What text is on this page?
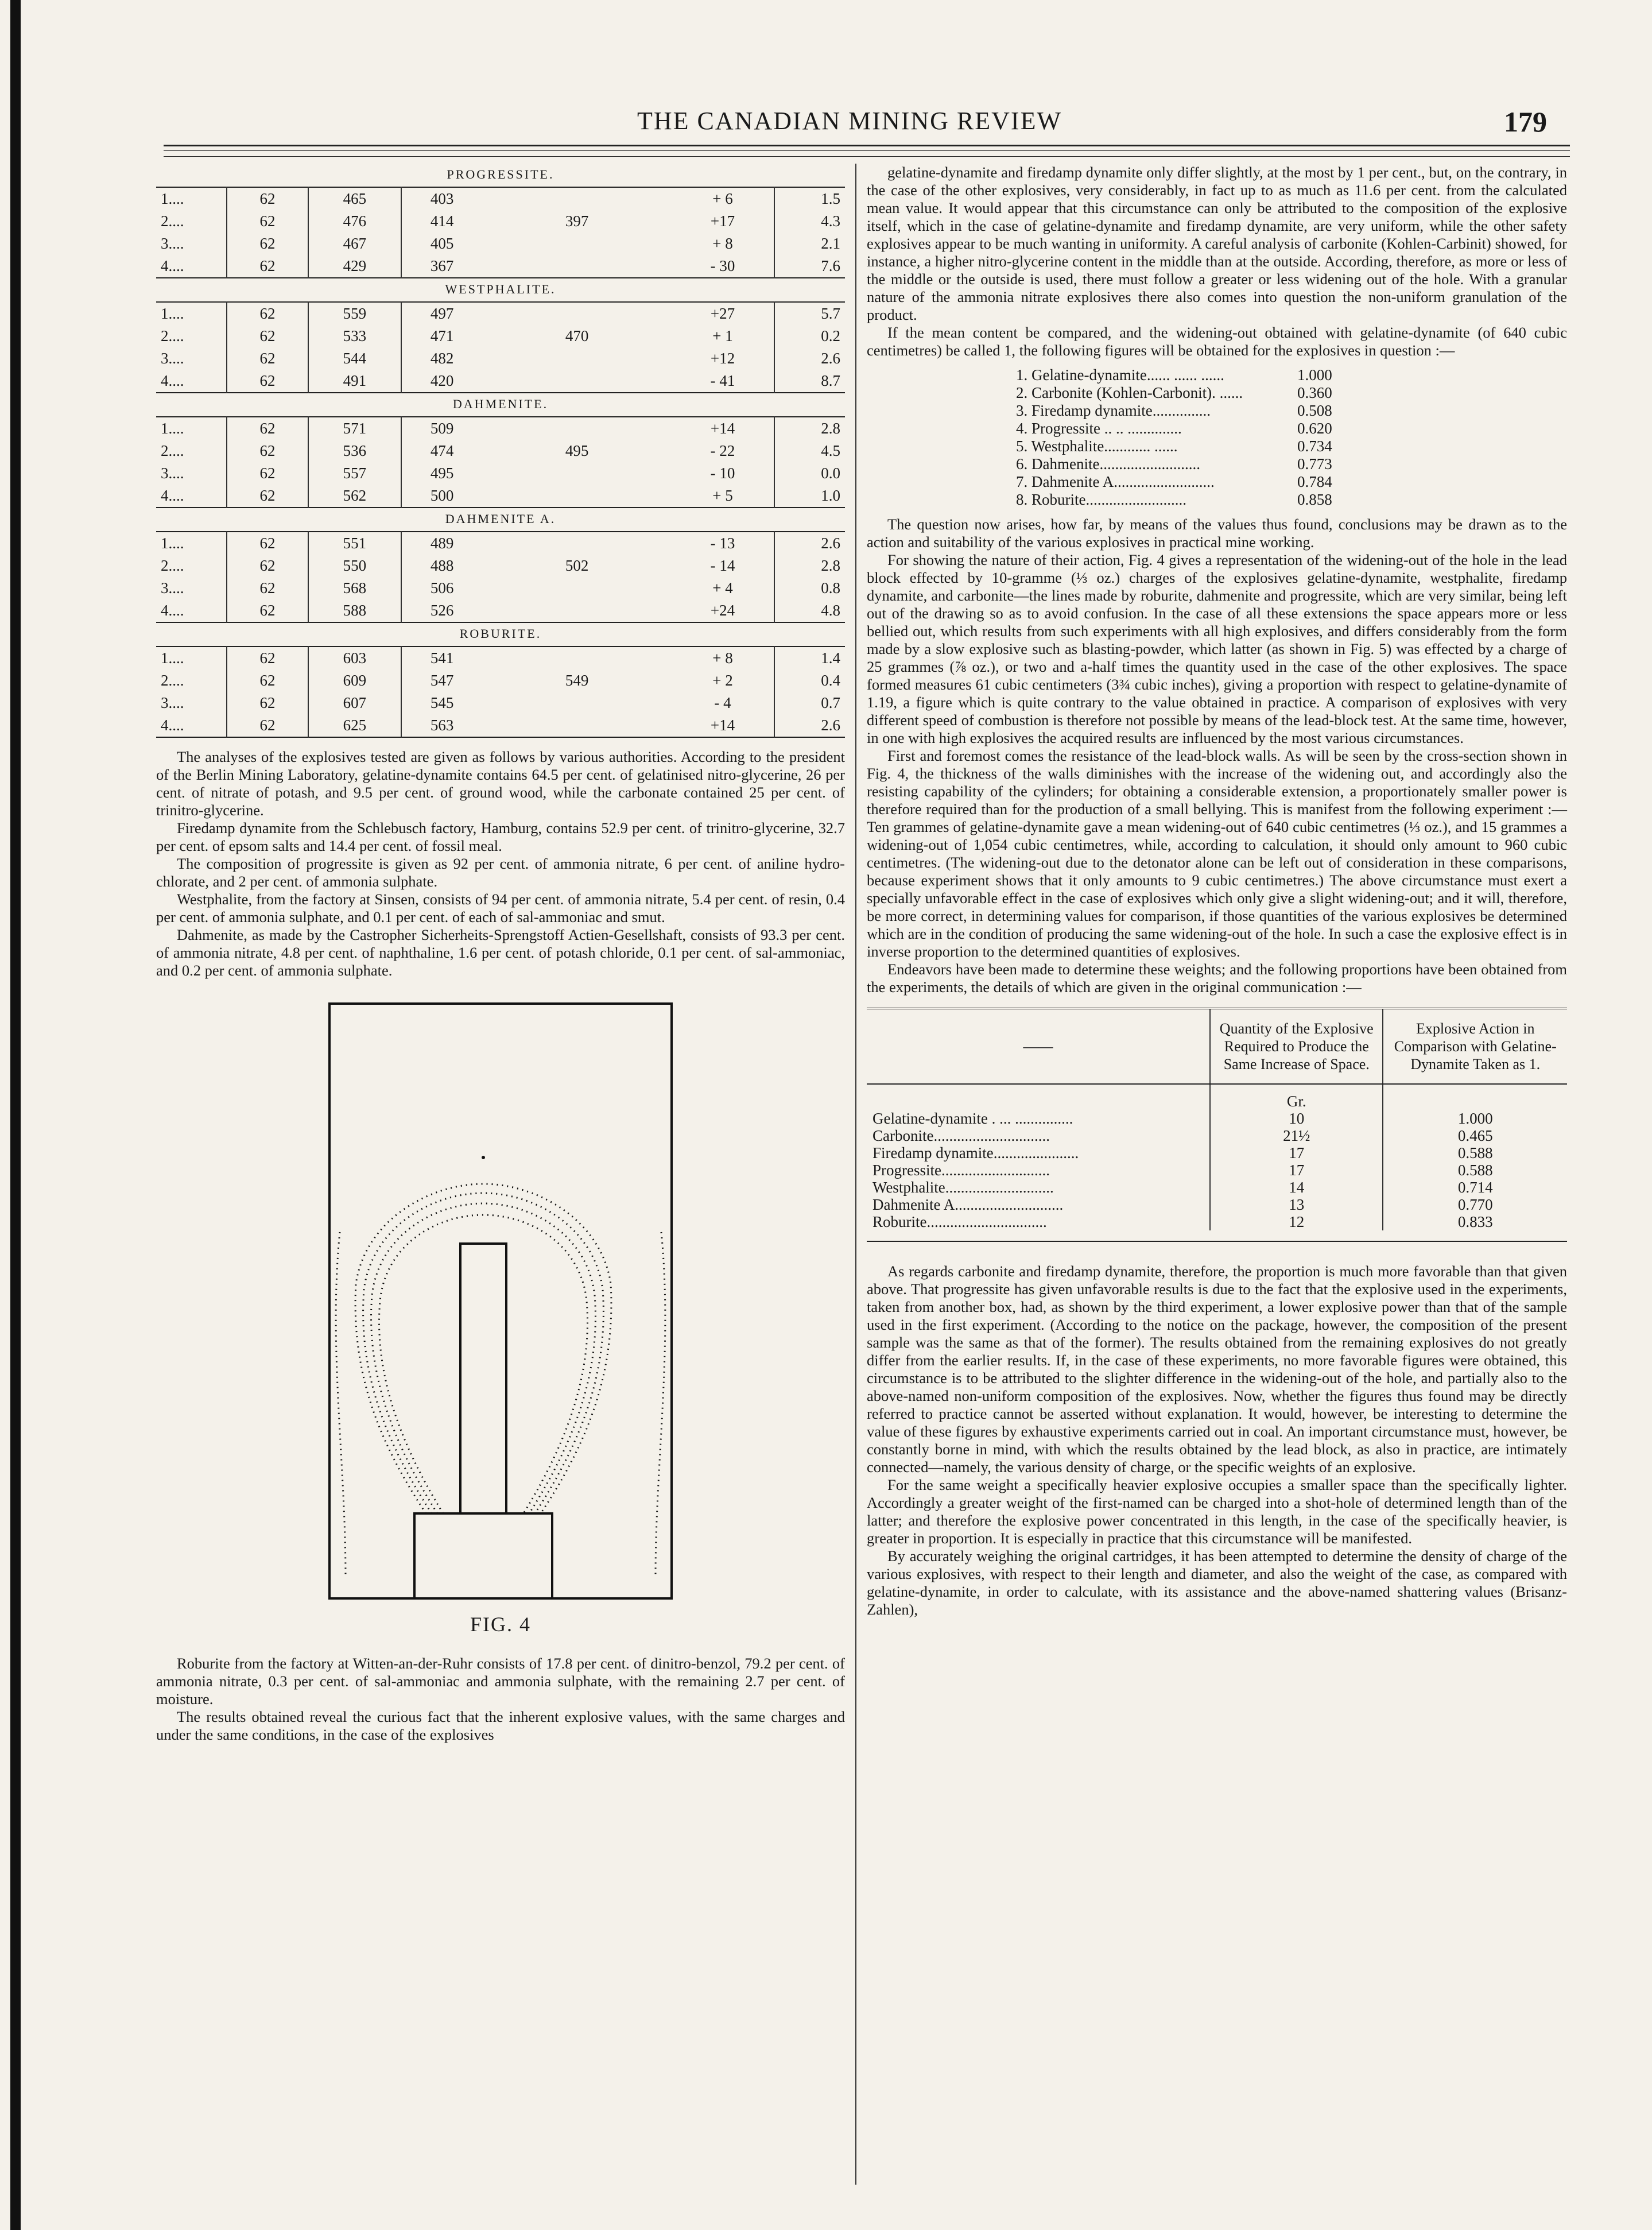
THE CANADIAN MINING REVIEW	179
PROGRESSITE.
1....	62	465	403		+ 6	1.5
2....	62	476	414	397	+17	4.3
3....	62	467	405		+ 8	2.1
4....	62	429	367		- 30	7.6
WESTPHALITE.
1....	62	559	497		+27	5.7
2....	62	533	471	470	+ 1	0.2
3....	62	544	482		+12	2.6
4....	62	491	420		- 41	8.7
DAHMENITE.
1....	62	571	509		+14	2.8
2....	62	536	474	495	- 22	4.5
3....	62	557	495		- 10	0.0
4....	62	562	500		+ 5	1.0
DAHMENITE A.
1....	62	551	489		- 13	2.6
2....	62	550	488	502	- 14	2.8
3....	62	568	506		+ 4	0.8
4....	62	588	526		+24	4.8
ROBURITE.
1....	62	603	541		+ 8	1.4
2....	62	609	547	549	+ 2	0.4
3....	62	607	545		- 4	0.7
4....	62	625	563		+14	2.6

The analyses of the explosives tested are given as follows by various authorities. According to the president of the Berlin Mining Laboratory, gelatine-dynamite contains 64.5 per cent. of gelatinised nitro-glycerine, 26 per cent. of nitrate of potash, and 9.5 per cent. of ground wood, while the carbonate contained 25 per cent. of trinitro-glycerine.

Firedamp dynamite from the Schlebusch factory, Hamburg, contains 52.9 per cent. of trinitro-glycerine, 32.7 per cent. of epsom salts and 14.4 per cent. of fossil meal.

The composition of progressite is given as 92 per cent. of ammonia nitrate, 6 per cent. of aniline hydro-chlorate, and 2 per cent. of ammonia sulphate.

Westphalite, from the factory at Sinsen, consists of 94 per cent. of ammonia nitrate, 5.4 per cent. of resin, 0.4 per cent. of ammonia sulphate, and 0.1 per cent. of each of sal-ammoniac and smut.

Dahmenite, as made by the Castropher Sicherheits-Sprengstoff Actien-Gesellshaft, consists of 93.3 per cent. of ammonia nitrate, 4.8 per cent. of naphthaline, 1.6 per cent. of potash chloride, 0.1 per cent. of sal-ammoniac, and 0.2 per cent. of ammonia sulphate.

FIG. 4

Roburite from the factory at Witten-an-der-Ruhr consists of 17.8 per cent. of dinitro-benzol, 79.2 per cent. of ammonia nitrate, 0.3 per cent. of sal-ammoniac and ammonia sulphate, with the remaining 2.7 per cent. of moisture.

The results obtained reveal the curious fact that the inherent explosive values, with the same charges and under the same conditions, in the case of the explosives

gelatine-dynamite and firedamp dynamite only differ slightly, at the most by 1 per cent., but, on the contrary, in the case of the other explosives, very considerably, in fact up to as much as 11.6 per cent. from the calculated mean value. It would appear that this circumstance can only be attributed to the composition of the explosive itself, which in the case of gelatine-dynamite and firedamp dynamite, are very uniform, while the other safety explosives appear to be much wanting in uniformity. A careful analysis of carbonite (Kohlen-Carbinit) showed, for instance, a higher nitro-glycerine content in the middle than at the outside. According, therefore, as more or less of the middle or the outside is used, there must follow a greater or less widening out of the hole. With a granular nature of the ammonia nitrate explosives there also comes into question the non-uniform granulation of the product.

If the mean content be compared, and the widening-out obtained with gelatine-dynamite (of 640 cubic centimetres) be called 1, the following figures will be obtained for the explosives in question :—

1. Gelatine-dynamite...... ...... ......	1.000
2. Carbonite (Kohlen-Carbonit). ......	0.360
3. Firedamp dynamite...............	0.508
4. Progressite .. .. ..............	0.620
5. Westphalite............ ......	0.734
6. Dahmenite..........................	0.773
7. Dahmenite A..........................	0.784
8. Roburite..........................	0.858

The question now arises, how far, by means of the values thus found, conclusions may be drawn as to the action and suitability of the various explosives in practical mine working.

For showing the nature of their action, Fig. 4 gives a representation of the widening-out of the hole in the lead block effected by 10-gramme (⅓ oz.) charges of the explosives gelatine-dynamite, westphalite, firedamp dynamite, and carbonite—the lines made by roburite, dahmenite and progressite, which are very similar, being left out of the drawing so as to avoid confusion. In the case of all these extensions the space appears more or less bellied out, which results from such experiments with all high explosives, and differs considerably from the form made by a slow explosive such as blasting-powder, which latter (as shown in Fig. 5) was effected by a charge of 25 grammes (⅞ oz.), or two and a-half times the quantity used in the case of the other explosives. The space formed measures 61 cubic centimeters (3¾ cubic inches), giving a proportion with respect to gelatine-dynamite of 1.19, a figure which is quite contrary to the value obtained in practice. A comparison of explosives with very different speed of combustion is therefore not possible by means of the lead-block test. At the same time, however, in one with high explosives the acquired results are influenced by the most various circumstances.

First and foremost comes the resistance of the lead-block walls. As will be seen by the cross-section shown in Fig. 4, the thickness of the walls diminishes with the increase of the widening out, and accordingly also the resisting capability of the cylinders; for obtaining a considerable extension, a proportionately smaller power is therefore required than for the production of a small bellying. This is manifest from the following experiment :—Ten grammes of gelatine-dynamite gave a mean widening-out of 640 cubic centimetres (⅓ oz.), and 15 grammes a widening-out of 1,054 cubic centimetres, while, according to calculation, it should only amount to 960 cubic centimetres. (The widening-out due to the detonator alone can be left out of consideration in these comparisons, because experiment shows that it only amounts to 9 cubic centimetres.) The above circumstance must exert a specially unfavorable effect in the case of explosives which only give a slight widening-out; and it will, therefore, be more correct, in determining values for comparison, if those quantities of the various explosives be determined which are in the condition of producing the same widening-out of the hole. In such a case the explosive effect is in inverse proportion to the determined quantities of explosives.

Endeavors have been made to determine these weights; and the following proportions have been obtained from the experiments, the details of which are given in the original communication :—

——	Quantity of the Explosive Required to Produce the Same Increase of Space.	Explosive Action in Comparison with Gelatine-Dynamite Taken as 1.
	Gr.	
Gelatine-dynamite . ... ...............	10	1.000
Carbonite..............................	21½	0.465
Firedamp dynamite......................	17	0.588
Progressite............................	17	0.588
Westphalite............................	14	0.714
Dahmenite A............................	13	0.770
Roburite...............................	12	0.833

As regards carbonite and firedamp dynamite, therefore, the proportion is much more favorable than that given above. That progressite has given unfavorable results is due to the fact that the explosive used in the experiments, taken from another box, had, as shown by the third experiment, a lower explosive power than that of the sample used in the first experiment. (According to the notice on the package, however, the composition of the present sample was the same as that of the former). The results obtained from the remaining explosives do not greatly differ from the earlier results. If, in the case of these experiments, no more favorable figures were obtained, this circumstance is to be attributed to the slighter difference in the widening-out of the hole, and partially also to the above-named non-uniform composition of the explosives. Now, whether the figures thus found may be directly referred to practice cannot be asserted without explanation. It would, however, be interesting to determine the value of these figures by exhaustive experiments carried out in coal. An important circumstance must, however, be constantly borne in mind, with which the results obtained by the lead block, as also in practice, are intimately connected—namely, the various density of charge, or the specific weights of an explosive.

For the same weight a specifically heavier explosive occupies a smaller space than the specifically lighter. Accordingly a greater weight of the first-named can be charged into a shot-hole of determined length than of the latter; and therefore the explosive power concentrated in this length, in the case of the specifically heavier, is greater in proportion. It is especially in practice that this circumstance will be manifested.

By accurately weighing the original cartridges, it has been attempted to determine the density of charge of the various explosives, with respect to their length and diameter, and also the weight of the case, as compared with gelatine-dynamite, in order to calculate, with its assistance and the above-named shattering values (Brisanz-Zahlen),
